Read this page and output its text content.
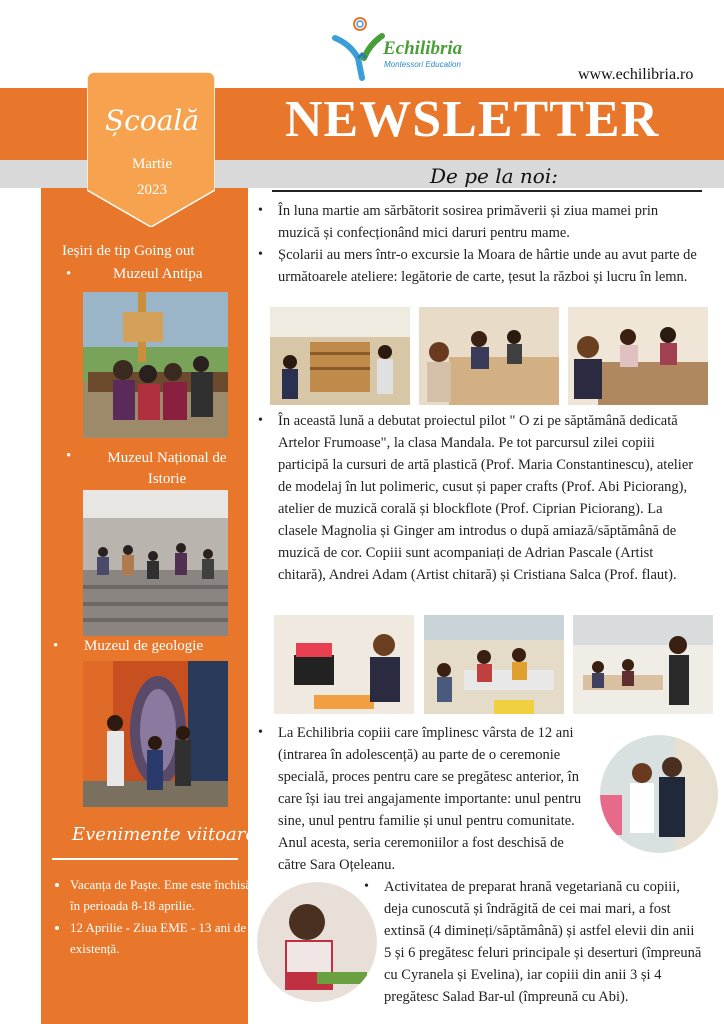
Echilibria
Montessori Education
www.echilibria.ro
NEWSLETTER
Școală
Martie
2023
Ieșiri de tip Going out
•	Muzeul Antipa
•	Muzeul Național de Istorie
• Muzeul de geologie
Evenimente viitoare:
• Vacanța de Paște. Eme este închisă în perioada 8-18 aprilie.
• 12 Aprilie - Ziua EME - 13 ani de existență.
De pe la noi:
• În luna martie am sărbătorit sosirea primăverii și ziua mamei prin muzică și confecționând mici daruri pentru mame.
• Școlarii au mers într-o excursie la Moara de hârtie unde au avut parte de următoarele ateliere: legătorie de carte, țesut la război și lucru în lemn.
• În această lună a debutat proiectul pilot " O zi pe săptămână dedicată Artelor Frumoase", la clasa Mandala. Pe tot parcursul zilei copiii participă la cursuri de artă plastică (Prof. Maria Constantinescu), atelier de modelaj în lut polimeric, cusut și paper crafts (Prof. Abi Piciorang), atelier de muzică corală și blockflote (Prof. Ciprian Piciorang). La clasele Magnolia și Ginger am introdus o după amiază/săptămână de muzică de cor. Copiii sunt acompaniați de Adrian Pascale (Artist chitară), Andrei Adam (Artist chitară) și Cristiana Salca (Prof. flaut).
• La Echilibria copiii care împlinesc vârsta de 12 ani (intrarea în adolescență) au parte de o ceremonie specială, proces pentru care se pregătesc anterior, în care își iau trei angajamente importante: unul pentru sine, unul pentru familie și unul pentru comunitate. Anul acesta, seria ceremoniilor a fost deschisă de către Sara Oțeleanu.
• Activitatea de preparat hrană vegetariană cu copiii, deja cunoscută și îndrăgită de cei mai mari, a fost extinsă (4 dimineți/săptămână) și astfel elevii din anii 5 și 6 pregătesc feluri principale și deserturi (împreună cu Cyranela și Evelina), iar copiii din anii 3 și 4 pregătesc Salad Bar-ul (împreună cu Abi).
